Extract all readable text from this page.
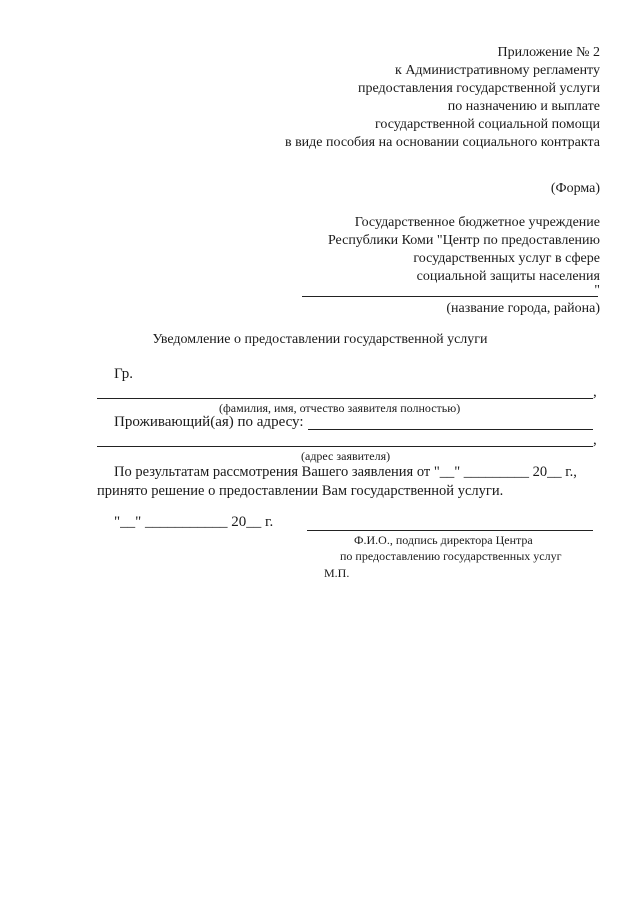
Приложение № 2
к Административному регламенту
предоставления государственной услуги
по назначению и выплате
государственной социальной помощи
в виде пособия на основании социального контракта
(Форма)
Государственное бюджетное учреждение
Республики Коми "Центр по предоставлению
государственных услуг в сфере
социальной защиты населения
"
(название города, района)
Уведомление о предоставлении государственной услуги
Гр.
,
(фамилия, имя, отчество заявителя полностью)
Проживающий(ая) по адресу:
,
(адрес заявителя)
По результатам рассмотрения Вашего заявления от "__" _________ 20__ г.,
принято решение о предоставлении Вам государственной услуги.
"__" ___________ 20__ г.
Ф.И.О., подпись директора Центра
по предоставлению государственных услуг
М.П.
